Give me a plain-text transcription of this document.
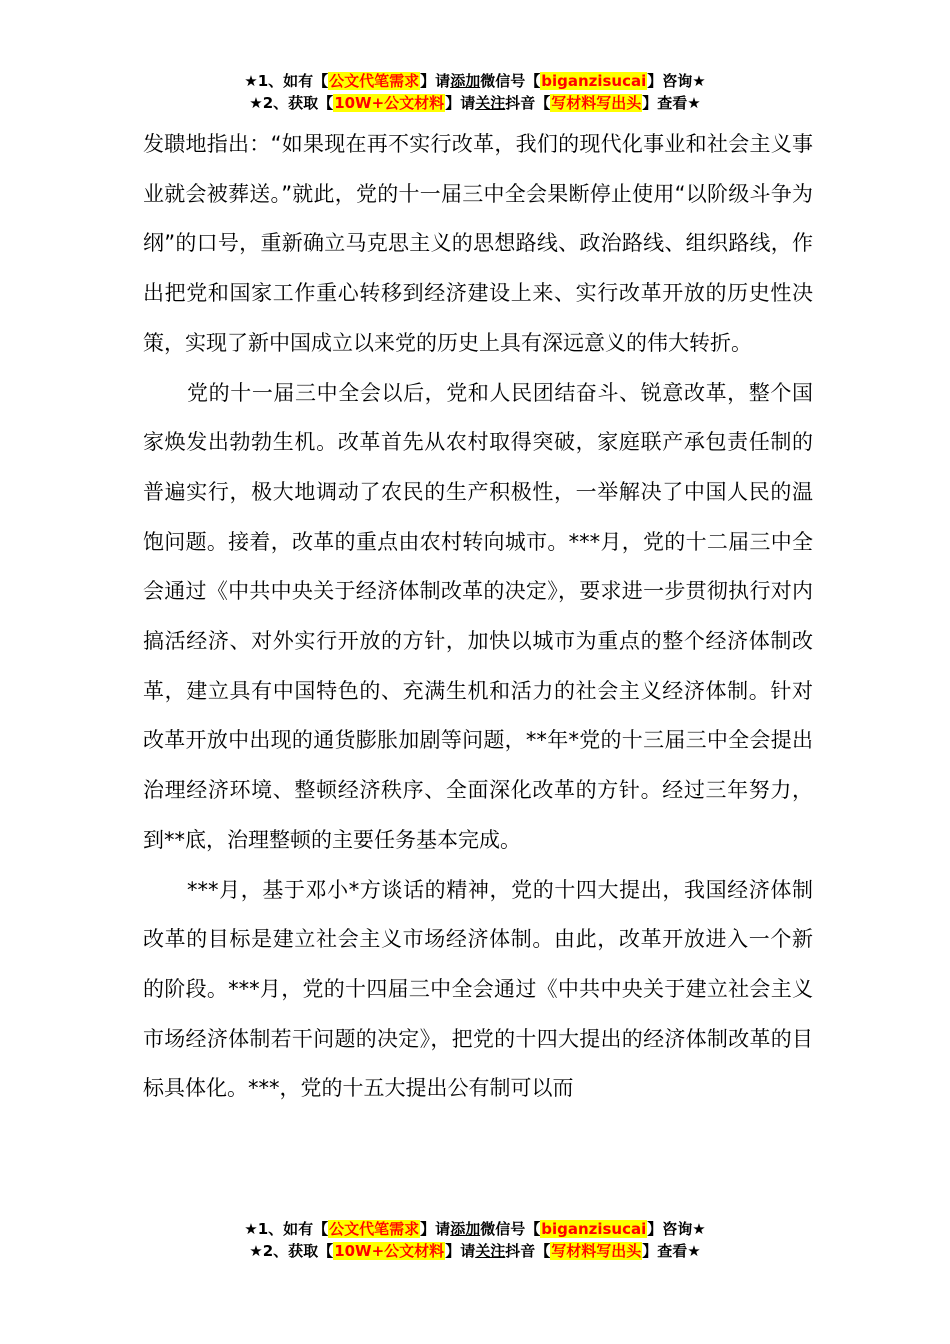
★1、如有【公文代笔需求】请添加微信号【biganzisucai】咨询★
★2、获取【10W+公文材料】请关注抖音【写材料写出头】查看★

发聩地指出：“如果现在再不实行改革，我们的现代化事业和社会主义事业就会被葬送。”就此，党的十一届三中全会果断停止使用“以阶级斗争为纲”的口号，重新确立马克思主义的思想路线、政治路线、组织路线，作出把党和国家工作重心转移到经济建设上来、实行改革开放的历史性决策，实现了新中国成立以来党的历史上具有深远意义的伟大转折。

党的十一届三中全会以后，党和人民团结奋斗、锐意改革，整个国家焕发出勃勃生机。改革首先从农村取得突破，家庭联产承包责任制的普遍实行，极大地调动了农民的生产积极性，一举解决了中国人民的温饱问题。接着，改革的重点由农村转向城市。***月，党的十二届三中全会通过《中共中央关于经济体制改革的决定》，要求进一步贯彻执行对内搞活经济、对外实行开放的方针，加快以城市为重点的整个经济体制改革，建立具有中国特色的、充满生机和活力的社会主义经济体制。针对改革开放中出现的通货膨胀加剧等问题，**年*党的十三届三中全会提出治理经济环境、整顿经济秩序、全面深化改革的方针。经过三年努力，到**底，治理整顿的主要任务基本完成。

***月，基于邓小*方谈话的精神，党的十四大提出，我国经济体制改革的目标是建立社会主义市场经济体制。由此，改革开放进入一个新的阶段。***月，党的十四届三中全会通过《中共中央关于建立社会主义市场经济体制若干问题的决定》，把党的十四大提出的经济体制改革的目标具体化。***，党的十五大提出公有制可以而

★1、如有【公文代笔需求】请添加微信号【biganzisucai】咨询★
★2、获取【10W+公文材料】请关注抖音【写材料写出头】查看★
